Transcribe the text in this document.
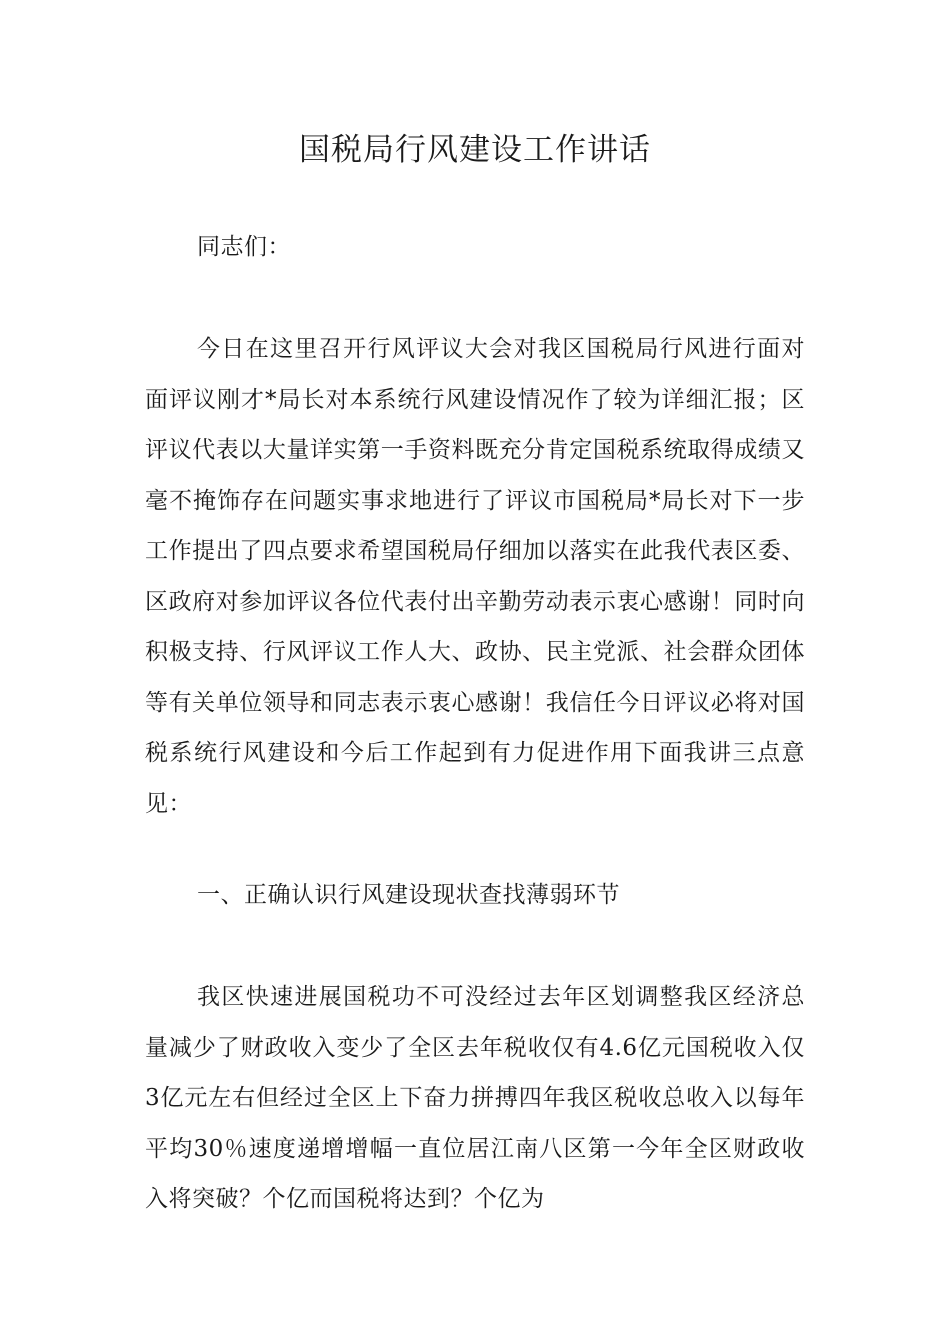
国税局行风建设工作讲话

同志们：

今日在这里召开行风评议大会对我区国税局行风进行面对面评议刚才*局长对本系统行风建设情况作了较为详细汇报；区评议代表以大量详实第一手资料既充分肯定国税系统取得成绩又毫不掩饰存在问题实事求地进行了评议市国税局*局长对下一步工作提出了四点要求希望国税局仔细加以落实在此我代表区委、区政府对参加评议各位代表付出辛勤劳动表示衷心感谢！同时向积极支持、行风评议工作人大、政协、民主党派、社会群众团体等有关单位领导和同志表示衷心感谢！我信任今日评议必将对国税系统行风建设和今后工作起到有力促进作用下面我讲三点意见：

一、正确认识行风建设现状查找薄弱环节

我区快速进展国税功不可没经过去年区划调整我区经济总量减少了财政收入变少了全区去年税收仅有4.6亿元国税收入仅3亿元左右但经过全区上下奋力拼搏四年我区税收总收入以每年平均30％速度递增增幅一直位居江南八区第一今年全区财政收入将突破？个亿而国税将达到？个亿为
